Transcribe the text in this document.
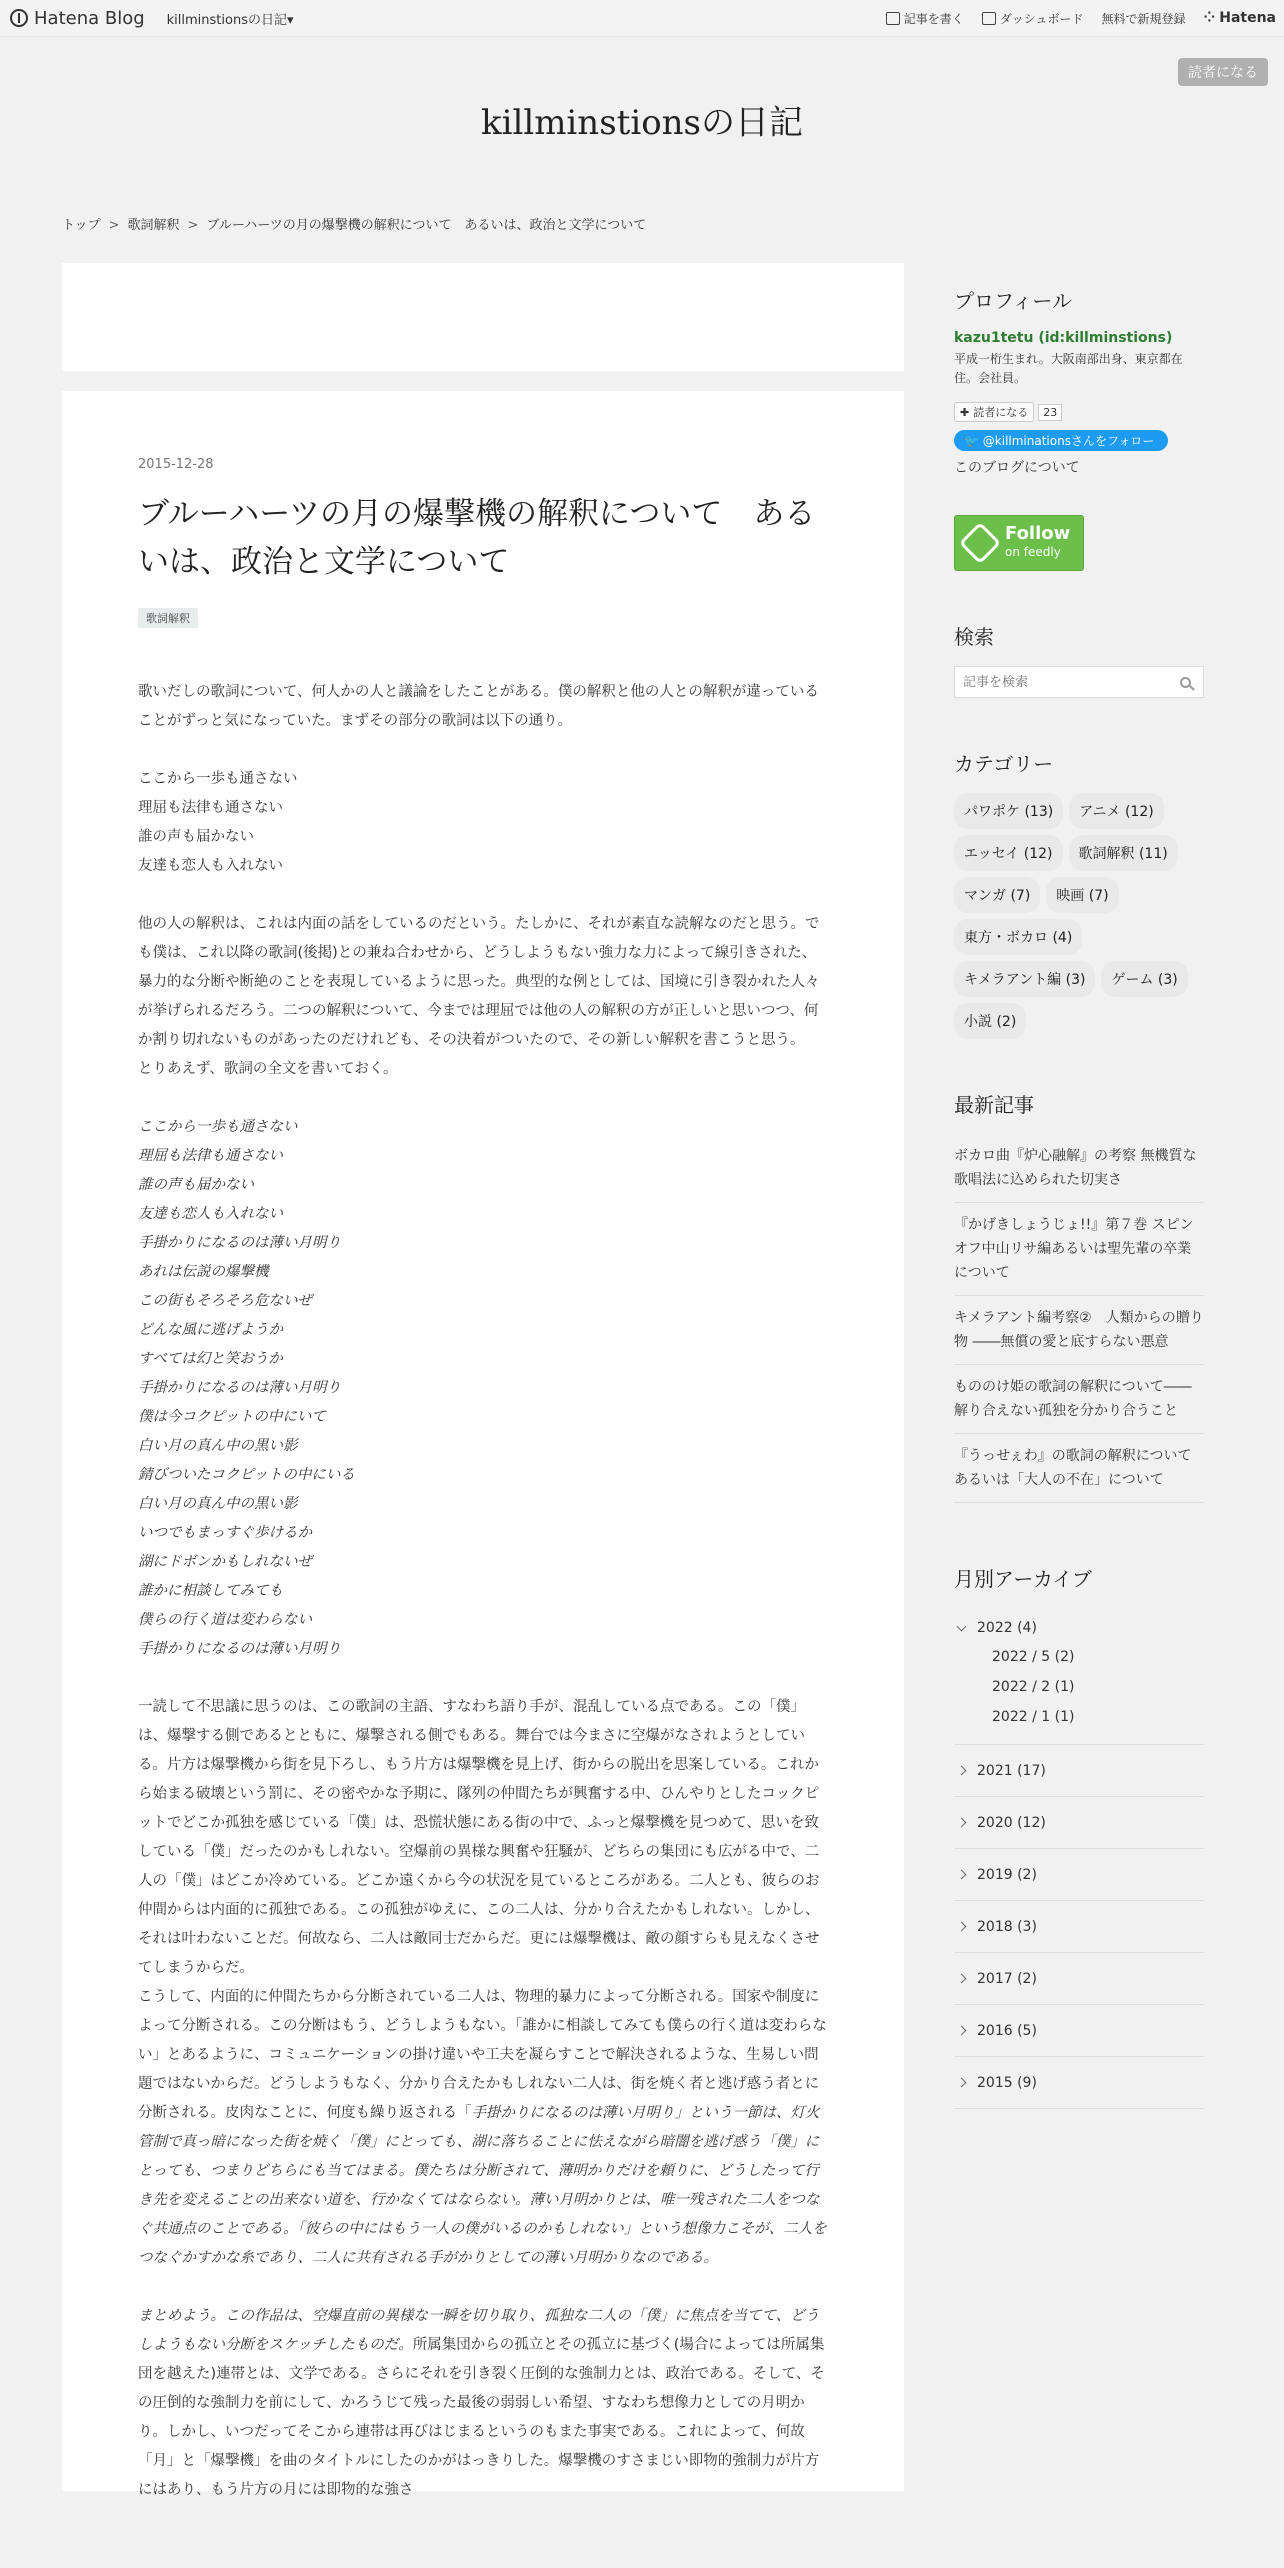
Hatena Blog killminstionsの日記▾	記事を書く	ダッシュボード 無料で新規登録 ⁘ Hatena
読者になる
killminstionsの日記
トップ > 歌詞解釈 > ブルーハーツの月の爆撃機の解釈について　あるいは、政治と文学について
2015-12-28
ブルーハーツの月の爆撃機の解釈について　あるいは、政治と文学について
歌詞解釈

歌いだしの歌詞について、何人かの人と議論をしたことがある。僕の解釈と他の人との解釈が違っていることがずっと気になっていた。まずその部分の歌詞は以下の通り。

ここから一歩も通さない
理屈も法律も通さない
誰の声も届かない
友達も恋人も入れない

他の人の解釈は、これは内面の話をしているのだという。たしかに、それが素直な読解なのだと思う。でも僕は、これ以降の歌詞(後掲)との兼ね合わせから、どうしようもない強力な力によって線引きされた、暴力的な分断や断絶のことを表現しているように思った。典型的な例としては、国境に引き裂かれた人々が挙げられるだろう。二つの解釈について、今までは理屈では他の人の解釈の方が正しいと思いつつ、何か割り切れないものがあったのだけれども、その決着がついたので、その新しい解釈を書こうと思う。
とりあえず、歌詞の全文を書いておく。

ここから一歩も通さない
理屈も法律も通さない
誰の声も届かない
友達も恋人も入れない
手掛かりになるのは薄い月明り
あれは伝説の爆撃機
この街もそろそろ危ないぜ
どんな風に逃げようか
すべては幻と笑おうか
手掛かりになるのは薄い月明り
僕は今コクピットの中にいて
白い月の真ん中の黒い影
錆びついたコクピットの中にいる
白い月の真ん中の黒い影
いつでもまっすぐ歩けるか
湖にドボンかもしれないぜ
誰かに相談してみても
僕らの行く道は変わらない
手掛かりになるのは薄い月明り

一読して不思議に思うのは、この歌詞の主語、すなわち語り手が、混乱している点である。この「僕」は、爆撃する側であるとともに、爆撃される側でもある。舞台では今まさに空爆がなされようとしている。片方は爆撃機から街を見下ろし、もう片方は爆撃機を見上げ、街からの脱出を思案している。これから始まる破壊という罰に、その密やかな予期に、隊列の仲間たちが興奮する中、ひんやりとしたコックピットでどこか孤独を感じている「僕」は、恐慌状態にある街の中で、ふっと爆撃機を見つめて、思いを致している「僕」だったのかもしれない。空爆前の異様な興奮や狂騒が、どちらの集団にも広がる中で、二人の「僕」はどこか冷めている。どこか遠くから今の状況を見ているところがある。二人とも、彼らのお仲間からは内面的に孤独である。この孤独がゆえに、この二人は、分かり合えたかもしれない。しかし、それは叶わないことだ。何故なら、二人は敵同士だからだ。更には爆撃機は、敵の顔すらも見えなくさせてしまうからだ。

こうして、内面的に仲間たちから分断されている二人は、物理的暴力によって分断される。国家や制度によって分断される。この分断はもう、どうしようもない。「誰かに相談してみても僕らの行く道は変わらない」とあるように、コミュニケーションの掛け違いや工夫を凝らすことで解決されるような、生易しい問題ではないからだ。どうしようもなく、分かり合えたかもしれない二人は、街を焼く者と逃げ惑う者とに分断される。皮肉なことに、何度も繰り返される「手掛かりになるのは薄い月明り」という一節は、灯火管制で真っ暗になった街を焼く「僕」にとっても、湖に落ちることに怯えながら暗闇を逃げ惑う「僕」にとっても、つまりどちらにも当てはまる。僕たちは分断されて、薄明かりだけを頼りに、どうしたって行き先を変えることの出来ない道を、行かなくてはならない。薄い月明かりとは、唯一残された二人をつなぐ共通点のことである。「彼らの中にはもう一人の僕がいるのかもしれない」という想像力こそが、二人をつなぐかすかな糸であり、二人に共有される手がかりとしての薄い月明かりなのである。

まとめよう。この作品は、空爆直前の異様な一瞬を切り取り、孤独な二人の「僕」に焦点を当てて、どうしようもない分断をスケッチしたものだ。所属集団からの孤立とその孤立に基づく(場合によっては所属集団を越えた)連帯とは、文学である。さらにそれを引き裂く圧倒的な強制力とは、政治である。そして、その圧倒的な強制力を前にして、かろうじて残った最後の弱弱しい希望、すなわち想像力としての月明かり。しかし、いつだってそこから連帯は再びはじまるというのもまた事実である。これによって、何故「月」と「爆撃機」を曲のタイトルにしたのかがはっきりした。爆撃機のすさまじい即物的強制力が片方にはあり、もう片方の月には即物的な強さ

プロフィール
kazu1tetu (id:killminstions)
平成一桁生まれ。大阪南部出身、東京都在住。会社員。
✚ 読者になる 23
🐦 @killminationsさんをフォロー
このブログについて
Follow
on feedly
検索
記事を検索
カテゴリー
パワポケ (13)	アニメ (12)
エッセイ (12)	歌詞解釈 (11)
マンガ (7)	映画 (7)
東方・ボカロ (4)
キメラアント編 (3)	ゲーム (3)
小説 (2)
最新記事
ボカロ曲『炉心融解』の考察 無機質な歌唱法に込められた切実さ
『かげきしょうじょ!!』第７巻 スピンオフ中山リサ編あるいは聖先輩の卒業について
キメラアント編考察②　人類からの贈り物 ――無償の愛と底すらない悪意
もののけ姫の歌詞の解釈について――解り合えない孤独を分かり合うこと
『うっせぇわ』の歌詞の解釈について　あるいは「大人の不在」について
月別アーカイブ
2022 (4)
2022 / 5 (2)
2022 / 2 (1)
2022 / 1 (1)
2021 (17)
2020 (12)
2019 (2)
2018 (3)
2017 (2)
2016 (5)
2015 (9)
